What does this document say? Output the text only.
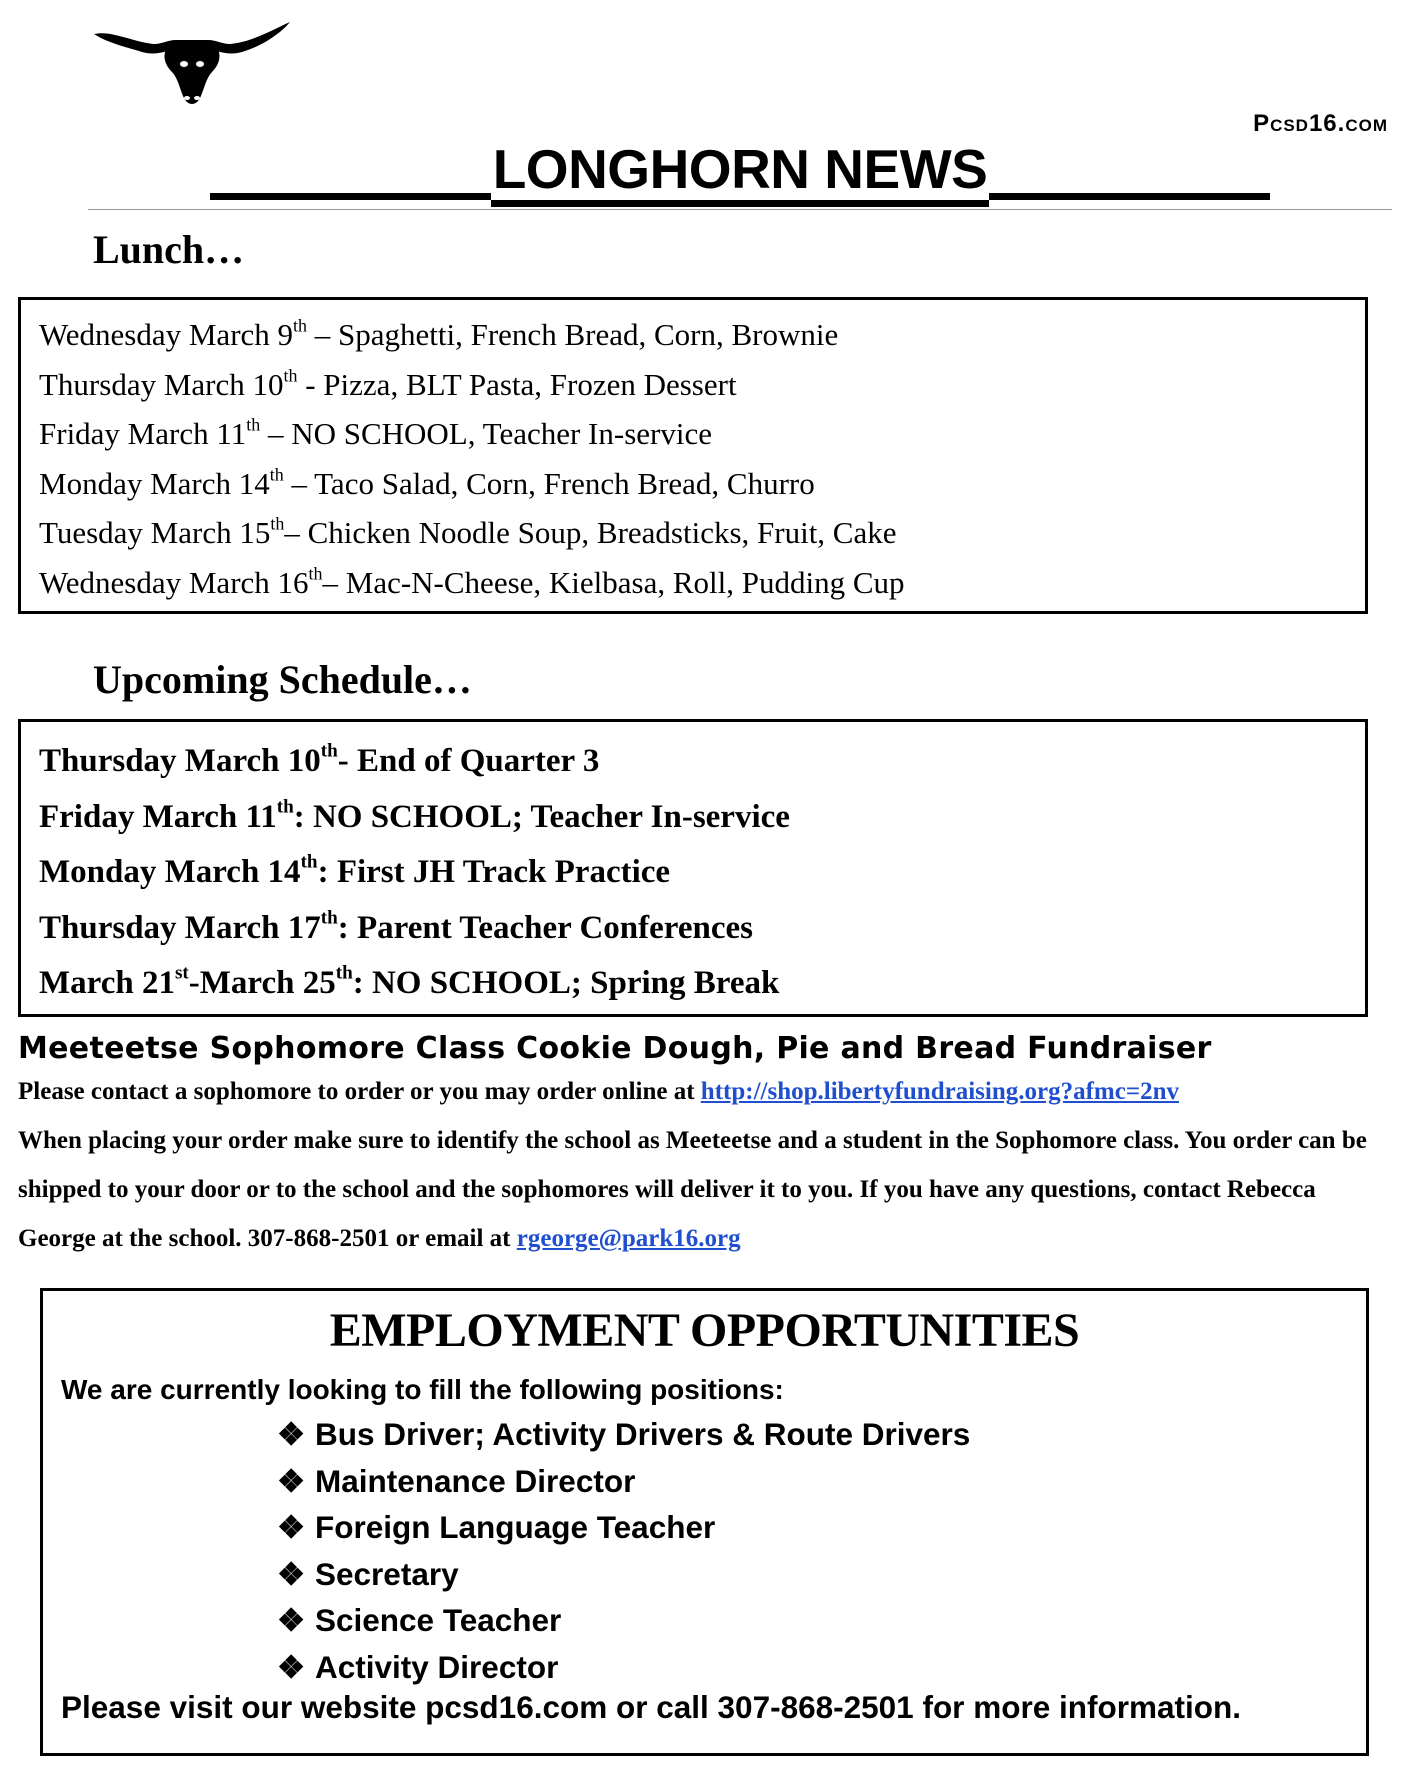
Pcsd16.com
LONGHORN NEWS
Lunch…
Wednesday March 9th – Spaghetti, French Bread, Corn, Brownie
Thursday March 10th - Pizza, BLT Pasta, Frozen Dessert
Friday March 11th – NO SCHOOL, Teacher In-service
Monday March 14th – Taco Salad, Corn, French Bread, Churro
Tuesday March 15th– Chicken Noodle Soup, Breadsticks, Fruit, Cake
Wednesday March 16th– Mac-N-Cheese, Kielbasa, Roll, Pudding Cup
Upcoming Schedule…
Thursday March 10th- End of Quarter 3
Friday March 11th: NO SCHOOL; Teacher In-service
Monday March 14th: First JH Track Practice
Thursday March 17th: Parent Teacher Conferences
March 21st-March 25th: NO SCHOOL; Spring Break
Meeteetse Sophomore Class Cookie Dough, Pie and Bread Fundraiser
Please contact a sophomore to order or you may order online at http://shop.libertyfundraising.org?afmc=2nv
When placing your order make sure to identify the school as Meeteetse and a student in the Sophomore class. You order can be shipped to your door or to the school and the sophomores will deliver it to you. If you have any questions, contact Rebecca George at the school. 307-868-2501 or email at rgeorge@park16.org
EMPLOYMENT OPPORTUNITIES
We are currently looking to fill the following positions:
❖ Bus Driver; Activity Drivers & Route Drivers
❖ Maintenance Director
❖ Foreign Language Teacher
❖ Secretary
❖ Science Teacher
❖ Activity Director
Please visit our website pcsd16.com or call 307-868-2501 for more information.
